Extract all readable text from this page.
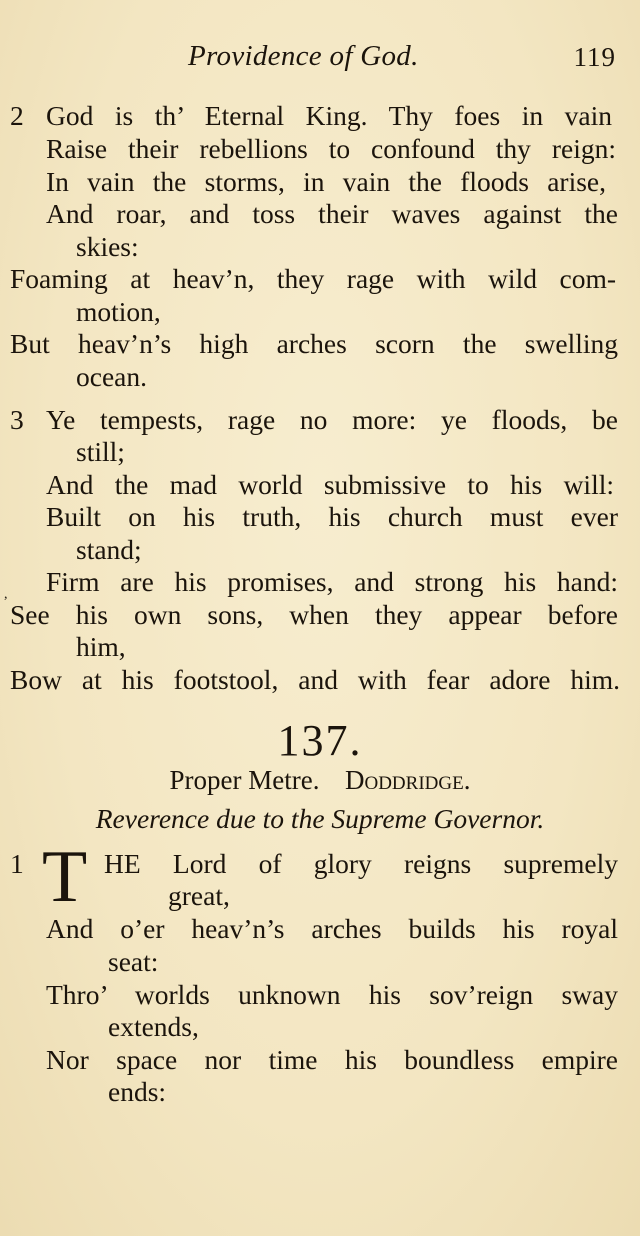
Providence of God.	119
2 God is th’ Eternal King. Thy foes in vain
Raise their rebellions to confound thy reign:
In vain the storms, in vain the floods arise,
And roar, and toss their waves against the
skies:
Foaming at heav’n, they rage with wild com-
motion,
But heav’n’s high arches scorn the swelling
ocean.
3 Ye tempests, rage no more: ye floods, be
still;
And the mad world submissive to his will:
Built on his truth, his church must ever
stand;
Firm are his promises, and strong his hand:
See his own sons, when they appear before
him,
Bow at his footstool, and with fear adore him.
,
137.
Proper Metre. Doddridge.
Reverence due to the Supreme Governor.
1 T HE Lord of glory reigns supremely
great,
And o’er heav’n’s arches builds his royal
seat:
Thro’ worlds unknown his sov’reign sway
extends,
Nor space nor time his boundless empire
ends:
